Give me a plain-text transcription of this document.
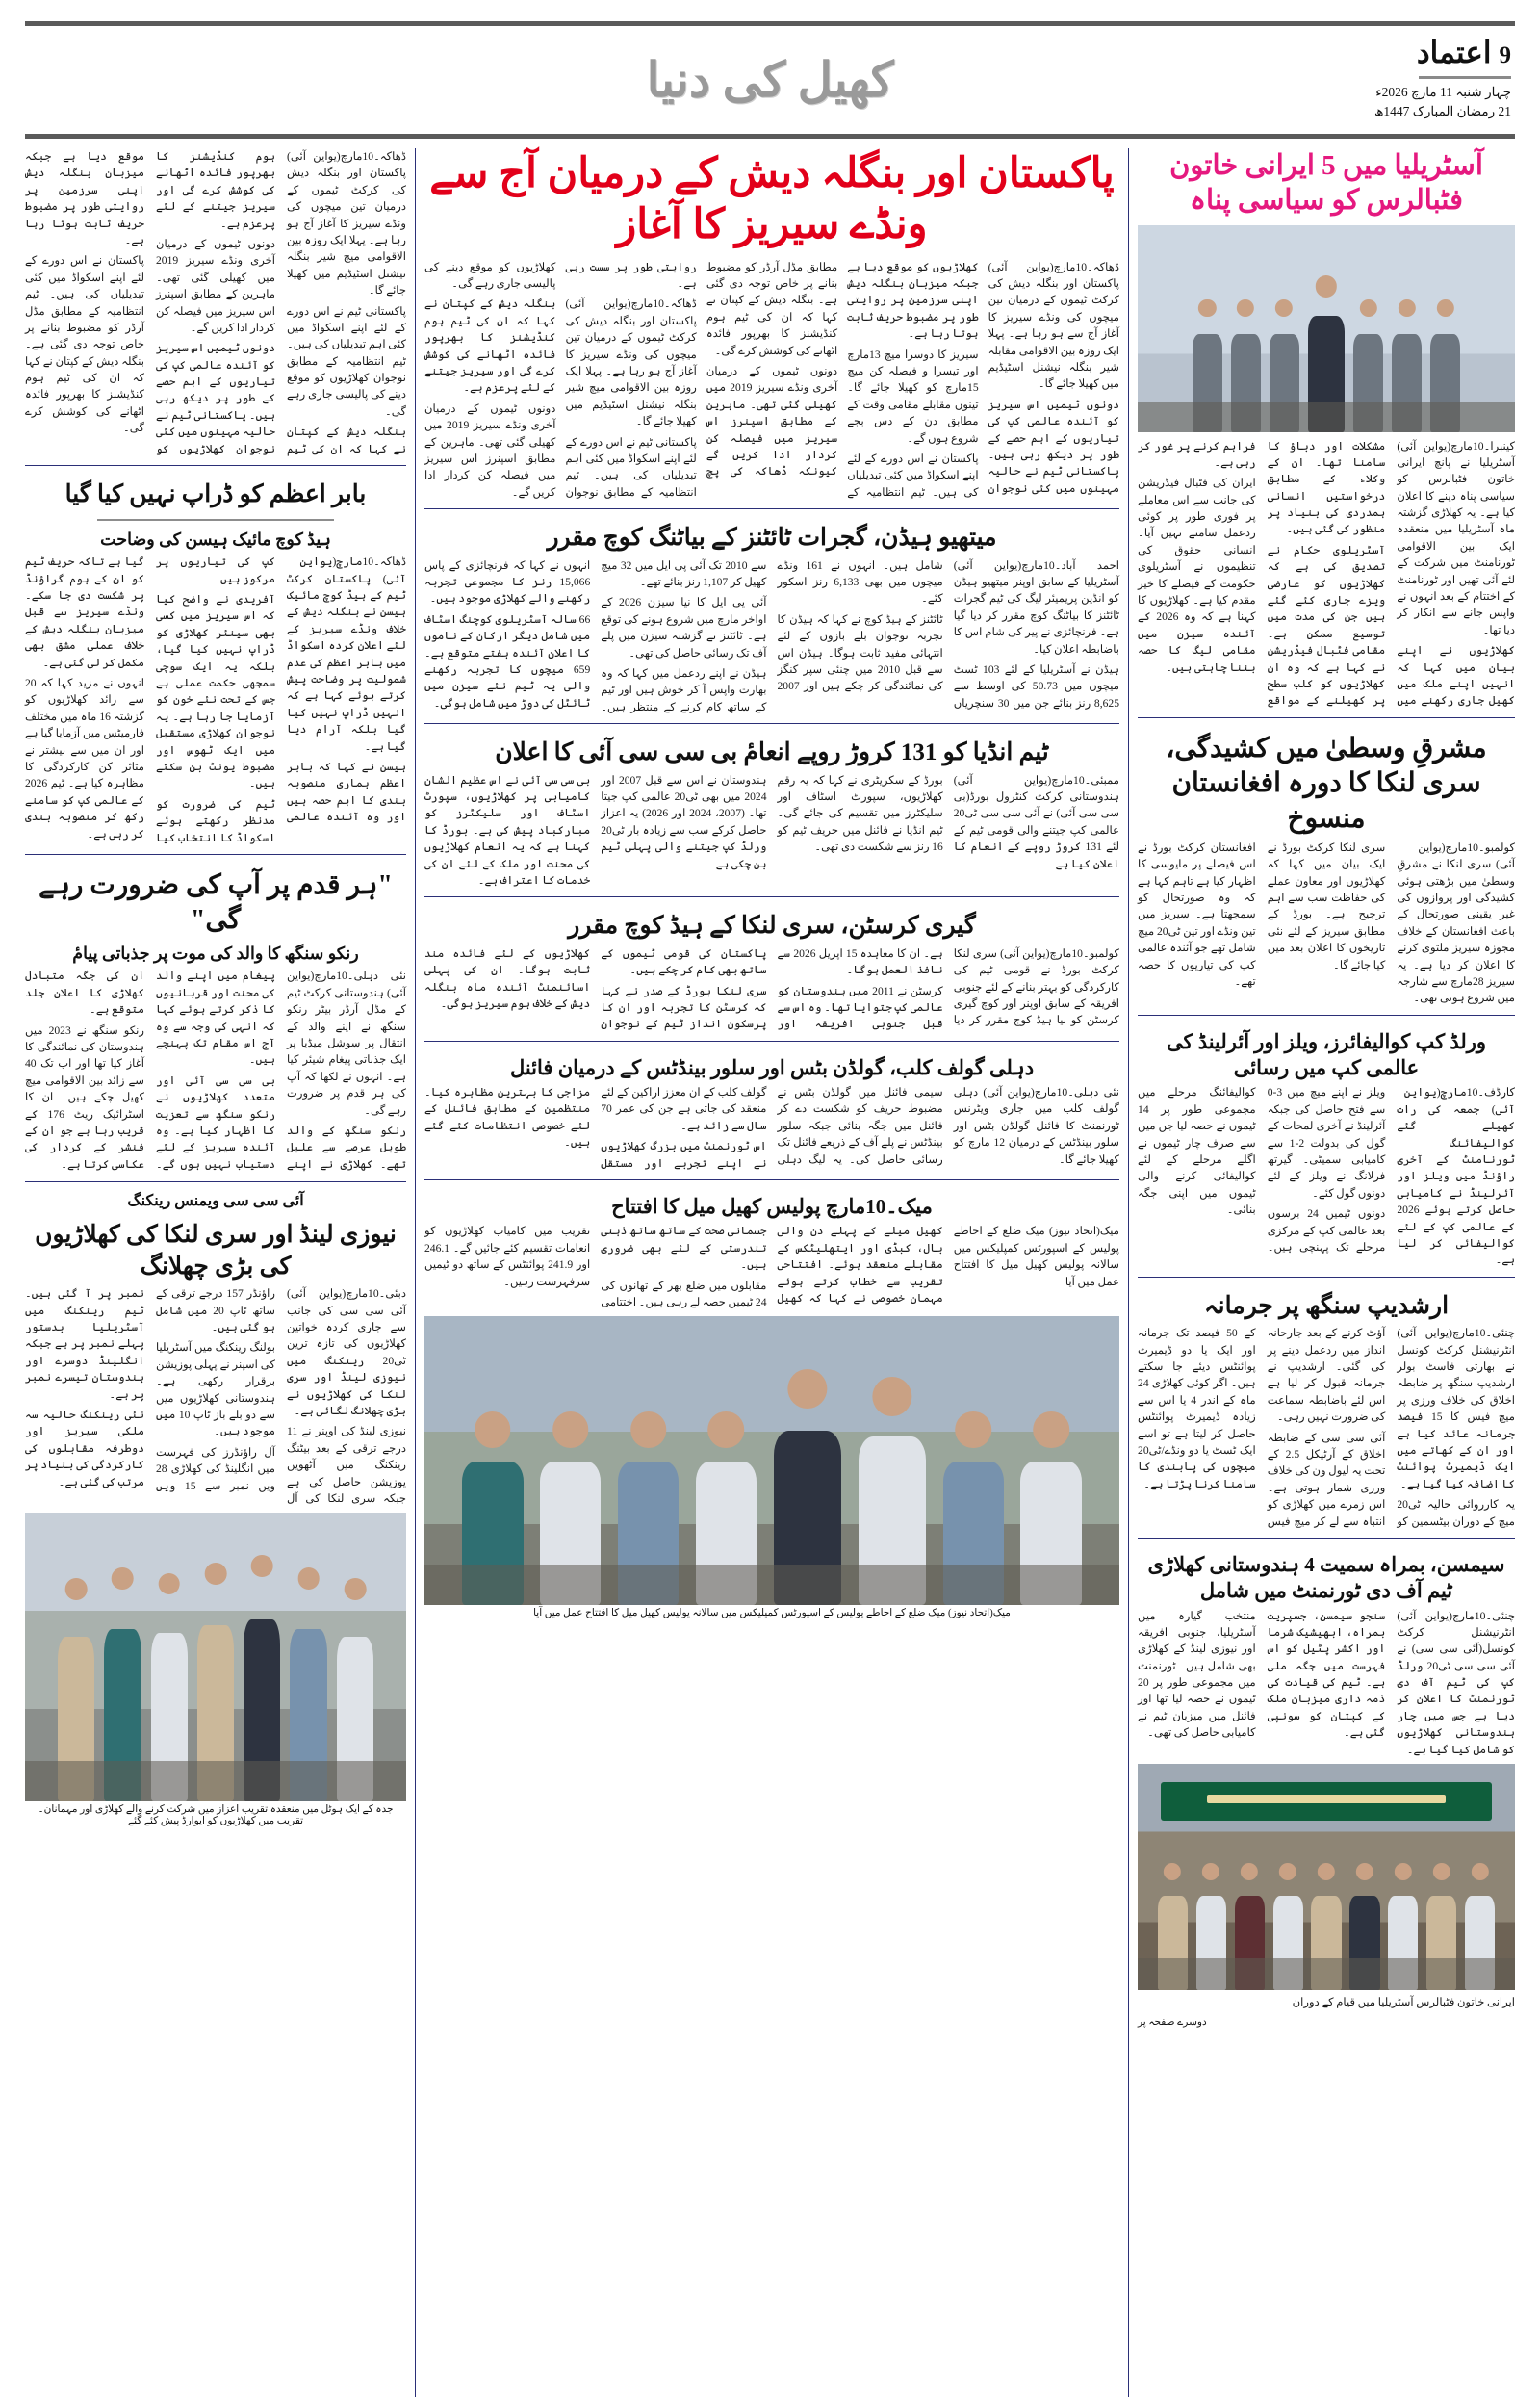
9اعتماد
چہار شنبہ 11 مارچ 2026ء
21 رمضان المبارک 1447ھ
کھیل کی دنیا
آسٹریلیا میں 5 ایرانی خاتون فٹبالرس کو سیاسی پناہ

کینبرا۔10مارچ(یواین آئی) آسٹریلیا نے پانچ ایرانی خاتون فٹبالرس کو سیاسی پناہ دینے کا اعلان کیا ہے۔ یہ کھلاڑی گزشتہ ماہ آسٹریلیا میں منعقدہ ایک بین الاقوامی ٹورنامنٹ میں شرکت کے لئے آئی تھیں اور ٹورنامنٹ کے اختتام کے بعد انہوں نے واپس جانے سے انکار کر دیا تھا۔

کھلاڑیوں نے اپنے بیان میں کہا کہ انہیں اپنے ملک میں کھیل جاری رکھنے میں مشکلات اور دباؤ کا سامنا تھا۔ ان کے وکلاء کے مطابق درخواستیں انسانی ہمدردی کی بنیاد پر منظور کی گئی ہیں۔

آسٹریلوی حکام نے تصدیق کی ہے کہ کھلاڑیوں کو عارضی ویزے جاری کئے گئے ہیں جن کی مدت میں توسیع ممکن ہے۔ مقامی فٹبال فیڈریشن نے کہا ہے کہ وہ ان کھلاڑیوں کو کلب سطح پر کھیلنے کے مواقع فراہم کرنے پر غور کر رہی ہے۔

ایران کی فٹبال فیڈریشن کی جانب سے اس معاملے پر فوری طور پر کوئی ردعمل سامنے نہیں آیا۔ انسانی حقوق کی تنظیموں نے آسٹریلوی حکومت کے فیصلے کا خیر مقدم کیا ہے۔ کھلاڑیوں کا کہنا ہے کہ وہ 2026 کے آئندہ سیزن میں مقامی لیگ کا حصہ بننا چاہتی ہیں۔

مشرقِ وسطیٰ میں کشیدگی، سری لنکا کا دورہ افغانستان منسوخ

کولمبو۔10مارچ(یواین آئی) سری لنکا نے مشرقِ وسطیٰ میں بڑھتی ہوئی کشیدگی اور پروازوں کی غیر یقینی صورتحال کے باعث افغانستان کے خلاف مجوزہ سیریز ملتوی کرنے کا اعلان کر دیا ہے۔ یہ سیریز 28مارچ سے شارجہ میں شروع ہونی تھی۔

سری لنکا کرکٹ بورڈ نے ایک بیان میں کہا کہ کھلاڑیوں اور معاون عملے کی حفاظت سب سے اہم ترجیح ہے۔ بورڈ کے مطابق سیریز کے لئے نئی تاریخوں کا اعلان بعد میں کیا جائے گا۔

افغانستان کرکٹ بورڈ نے اس فیصلے پر مایوسی کا اظہار کیا ہے تاہم کہا ہے کہ وہ صورتحال کو سمجھتا ہے۔ سیریز میں تین ونڈے اور تین ٹی20 میچ شامل تھے جو آئندہ عالمی کپ کی تیاریوں کا حصہ تھے۔

ورلڈ کپ کوالیفائرز، ویلز اور آئرلینڈ کی عالمی کپ میں رسائی

کارڈف۔10مارچ(یواین آئی) جمعہ کی رات کھیلے گئے کوالیفائنگ ٹورنامنٹ کے آخری راؤنڈ میں ویلز اور آئرلینڈ نے کامیابی حاصل کرتے ہوئے 2026 کے عالمی کپ کے لئے کوالیفائی کر لیا ہے۔

ویلز نے اپنے میچ میں 3-0 سے فتح حاصل کی جبکہ آئرلینڈ نے آخری لمحات کے گول کی بدولت 2-1 سے کامیابی سمیٹی۔ گیرتھ فرلانگ نے ویلز کے لئے دونوں گول کئے۔

دونوں ٹیمیں 24 برسوں بعد عالمی کپ کے مرکزی مرحلے تک پہنچی ہیں۔ کوالیفائنگ مرحلے میں مجموعی طور پر 14 ٹیموں نے حصہ لیا جن میں سے صرف چار ٹیموں نے اگلے مرحلے کے لئے کوالیفائی کرنے والی ٹیموں میں اپنی جگہ بنائی۔

ارشدیپ سنگھ پر جرمانہ

چنئی۔10مارچ(یواین آئی) انٹرنیشنل کرکٹ کونسل نے بھارتی فاسٹ بولر ارشدیپ سنگھ پر ضابطہ اخلاق کی خلاف ورزی پر میچ فیس کا 15 فیصد جرمانہ عائد کیا ہے اور ان کے کھاتے میں ایک ڈیمیرٹ پوائنٹ کا اضافہ کیا گیا ہے۔

یہ کارروائی حالیہ ٹی20 میچ کے دوران بیٹسمین کو آؤٹ کرنے کے بعد جارحانہ انداز میں ردعمل دینے پر کی گئی۔ ارشدیپ نے جرمانہ قبول کر لیا ہے اس لئے باضابطہ سماعت کی ضرورت نہیں رہی۔

آئی سی سی کے ضابطہ اخلاق کے آرٹیکل 2.5 کے تحت یہ لیول ون کی خلاف ورزی شمار ہوتی ہے۔ اس زمرے میں کھلاڑی کو انتباہ سے لے کر میچ فیس کے 50 فیصد تک جرمانہ اور ایک یا دو ڈیمیرٹ پوائنٹس دیئے جا سکتے ہیں۔ اگر کوئی کھلاڑی 24 ماہ کے اندر 4 یا اس سے زیادہ ڈیمیرٹ پوائنٹس حاصل کر لیتا ہے تو اسے ایک ٹسٹ یا دو ونڈے/ٹی20 میچوں کی پابندی کا سامنا کرنا پڑتا ہے۔

سیمسن، بمراہ سمیت 4 ہندوستانی کھلاڑی ٹیم آف دی ٹورنمنٹ میں شامل

چنئی۔10مارچ(یواین آئی) انٹرنیشنل کرکٹ کونسل(آئی سی سی) نے آئی سی سی ٹی20 ورلڈ کپ کی ٹیم آف دی ٹورنمنٹ کا اعلان کر دیا ہے جس میں چار ہندوستانی کھلاڑیوں کو شامل کیا گیا ہے۔

سنجو سیمسن، جسپریت بمراہ، ابھیشیک شرما اور اکشر پٹیل کو اس فہرست میں جگہ ملی ہے۔ ٹیم کی قیادت کی ذمہ داری میزبان ملک کے کپتان کو سونپی گئی ہے۔

منتخب گیارہ میں آسٹریلیا، جنوبی افریقہ اور نیوزی لینڈ کے کھلاڑی بھی شامل ہیں۔ ٹورنمنٹ میں مجموعی طور پر 20 ٹیموں نے حصہ لیا تھا اور فائنل میں میزبان ٹیم نے کامیابی حاصل کی تھی۔

ایرانی خاتون فٹبالرس آسٹریلیا میں قیام کے دوران

دوسرے صفحہ پر
پاکستان اور بنگلہ دیش کے درمیان آج سے ونڈے سیریز کا آغاز

ڈھاکہ۔10مارچ(یواین آئی) پاکستان اور بنگلہ دیش کی کرکٹ ٹیموں کے درمیان تین میچوں کی ونڈے سیریز کا آغاز آج سے ہو رہا ہے۔ پہلا ایک روزہ بین الاقوامی مقابلہ شیر بنگلہ نیشنل اسٹیڈیم میں کھیلا جائے گا۔

دونوں ٹیمیں اس سیریز کو آئندہ عالمی کپ کی تیاریوں کے اہم حصے کے طور پر دیکھ رہی ہیں۔ پاکستانی ٹیم نے حالیہ مہینوں میں کئی نوجوان کھلاڑیوں کو موقع دیا ہے جبکہ میزبان بنگلہ دیش اپنی سرزمین پر روایتی طور پر مضبوط حریف ثابت ہوتا رہا ہے۔

سیریز کا دوسرا میچ 13مارچ اور تیسرا و فیصلہ کن میچ 15مارچ کو کھیلا جائے گا۔ تینوں مقابلے مقامی وقت کے مطابق دن کے دس بجے شروع ہوں گے۔

پاکستان نے اس دورے کے لئے اپنے اسکواڈ میں کئی تبدیلیاں کی ہیں۔ ٹیم انتظامیہ کے مطابق مڈل آرڈر کو مضبوط بنانے پر خاص توجہ دی گئی ہے۔ بنگلہ دیش کے کپتان نے کہا کہ ان کی ٹیم ہوم کنڈیشنز کا بھرپور فائدہ اٹھانے کی کوشش کرے گی۔

دونوں ٹیموں کے درمیان آخری ونڈے سیریز 2019 میں کھیلی گئی تھی۔ ماہرین کے مطابق اسپنرز اس سیریز میں فیصلہ کن کردار ادا کریں گے کیونکہ ڈھاکہ کی پچ روایتی طور پر سست رہی ہے۔

ڈھاکہ۔10مارچ(یواین آئی) پاکستان اور بنگلہ دیش کی کرکٹ ٹیموں کے درمیان تین میچوں کی ونڈے سیریز کا آغاز آج ہو رہا ہے۔ پہلا ایک روزہ بین الاقوامی میچ شیر بنگلہ نیشنل اسٹیڈیم میں کھیلا جائے گا۔

پاکستانی ٹیم نے اس دورے کے لئے اپنے اسکواڈ میں کئی اہم تبدیلیاں کی ہیں۔ ٹیم انتظامیہ کے مطابق نوجوان کھلاڑیوں کو موقع دینے کی پالیسی جاری رہے گی۔

بنگلہ دیش کے کپتان نے کہا کہ ان کی ٹیم ہوم کنڈیشنز کا بھرپور فائدہ اٹھانے کی کوشش کرے گی اور سیریز جیتنے کے لئے پرعزم ہے۔

دونوں ٹیموں کے درمیان آخری ونڈے سیریز 2019 میں کھیلی گئی تھی۔ ماہرین کے مطابق اسپنرز اس سیریز میں فیصلہ کن کردار ادا کریں گے۔

میتھیو ہیڈن، گجرات ٹائٹنز کے بیاٹنگ کوچ مقرر

احمد آباد۔10مارچ(یواین آئی) آسٹریلیا کے سابق اوپنر میتھیو ہیڈن کو انڈین پریمیئر لیگ کی ٹیم گجرات ٹائٹنز کا بیاٹنگ کوچ مقرر کر دیا گیا ہے۔ فرنچائزی نے پیر کی شام اس کا باضابطہ اعلان کیا۔

ہیڈن نے آسٹریلیا کے لئے 103 ٹسٹ میچوں میں 50.73 کی اوسط سے 8,625 رنز بنائے جن میں 30 سنچریاں شامل ہیں۔ انہوں نے 161 ونڈے میچوں میں بھی 6,133 رنز اسکور کئے۔

ٹائٹنز کے ہیڈ کوچ نے کہا کہ ہیڈن کا تجربہ نوجوان بلے بازوں کے لئے انتہائی مفید ثابت ہوگا۔ ہیڈن اس سے قبل 2010 میں چنئی سپر کنگز کی نمائندگی کر چکے ہیں اور 2007 سے 2010 تک آئی پی ایل میں 32 میچ کھیل کر 1,107 رنز بنائے تھے۔

آئی پی ایل کا نیا سیزن 2026 کے اواخر مارچ میں شروع ہونے کی توقع ہے۔ ٹائٹنز نے گزشتہ سیزن میں پلے آف تک رسائی حاصل کی تھی۔

ہیڈن نے اپنے ردعمل میں کہا کہ وہ بھارت واپس آ کر خوش ہیں اور ٹیم کے ساتھ کام کرنے کے منتظر ہیں۔ انہوں نے کہا کہ فرنچائزی کے پاس 15,066 رنز کا مجموعی تجربہ رکھنے والے کھلاڑی موجود ہیں۔

66 سالہ آسٹریلوی کوچنگ اسٹاف میں شامل دیگر ارکان کے ناموں کا اعلان آئندہ ہفتے متوقع ہے۔ 659 میچوں کا تجربہ رکھنے والی یہ ٹیم نئے سیزن میں ٹائٹل کی دوڑ میں شامل ہوگی۔

ٹیم انڈیا کو 131 کروڑ روپے انعامٔ بی سی سی آئی کا اعلان

ممبئی۔10مارچ(یواین آئی) ہندوستانی کرکٹ کنٹرول بورڈ(بی سی سی آئی) نے آئی سی سی ٹی20 عالمی کپ جیتنے والی قومی ٹیم کے لئے 131 کروڑ روپے کے انعام کا اعلان کیا ہے۔

بورڈ کے سکریٹری نے کہا کہ یہ رقم کھلاڑیوں، سپورٹ اسٹاف اور سلیکٹرز میں تقسیم کی جائے گی۔ ٹیم انڈیا نے فائنل میں حریف ٹیم کو 16 رنز سے شکست دی تھی۔

ہندوستان نے اس سے قبل 2007 اور 2024 میں بھی ٹی20 عالمی کپ جیتا تھا۔ (2007، 2024 اور 2026) یہ اعزاز حاصل کرکے سب سے زیادہ بار ٹی20 ورلڈ کپ جیتنے والی پہلی ٹیم بن چکی ہے۔

بی سی سی آئی نے اس عظیم الشان کامیابی پر کھلاڑیوں، سپورٹ اسٹاف اور سلیکٹرز کو مبارکباد پیش کی ہے۔ بورڈ کا کہنا ہے کہ یہ انعام کھلاڑیوں کی محنت اور ملک کے لئے ان کی خدمات کا اعتراف ہے۔

گیری کرسٹن، سری لنکا کے ہیڈ کوچ مقرر

کولمبو۔10مارچ(یواین آئی) سری لنکا کرکٹ بورڈ نے قومی ٹیم کی کارکردگی کو بہتر بنانے کے لئے جنوبی افریقہ کے سابق اوپنر اور کوچ گیری کرسٹن کو نیا ہیڈ کوچ مقرر کر دیا ہے۔ ان کا معاہدہ 15 اپریل 2026 سے نافذ العمل ہوگا۔

کرسٹن نے 2011 میں ہندوستان کو عالمی کپ جتوایا تھا۔ وہ اس سے قبل جنوبی افریقہ اور پاکستان کی قومی ٹیموں کے ساتھ بھی کام کر چکے ہیں۔

سری لنکا بورڈ کے صدر نے کہا کہ کرسٹن کا تجربہ اور ان کا پرسکون انداز ٹیم کے نوجوان کھلاڑیوں کے لئے فائدہ مند ثابت ہوگا۔ ان کی پہلی اسائنمنٹ آئندہ ماہ بنگلہ دیش کے خلاف ہوم سیریز ہوگی۔

دہلی گولف کلب، گولڈن بٹس اور سلور بینڈٹس کے درمیان فائنل

نئی دہلی۔10مارچ(یواین آئی) دہلی گولف کلب میں جاری ویٹرنس ٹورنمنٹ کا فائنل گولڈن بٹس اور سلور بینڈٹس کے درمیان 12 مارچ کو کھیلا جائے گا۔

سیمی فائنل میں گولڈن بٹس نے مضبوط حریف کو شکست دے کر فائنل میں جگہ بنائی جبکہ سلور بینڈٹس نے پلے آف کے ذریعے فائنل تک رسائی حاصل کی۔ یہ لیگ دہلی گولف کلب کے ان معزز اراکین کے لئے منعقد کی جاتی ہے جن کی عمر 70 سال سے زائد ہے۔

اس ٹورنمنٹ میں بزرگ کھلاڑیوں نے اپنے تجربے اور مستقل مزاجی کا بہترین مظاہرہ کیا۔ منتظمین کے مطابق فائنل کے لئے خصوصی انتظامات کئے گئے ہیں۔

میک۔10مارچ پولیس کھیل میل کا افتتاح

میک(اتحاد نیوز) میک ضلع کے احاطے پولیس کے اسپورٹس کمپلیکس میں سالانہ پولیس کھیل میل کا افتتاح عمل میں آیا

کھیل میلے کے پہلے دن والی بال، کبڈی اور ایتھلیٹکس کے مقابلے منعقد ہوئے۔ افتتاحی تقریب سے خطاب کرتے ہوئے مہمان خصوصی نے کہا کہ کھیل جسمانی صحت کے ساتھ ساتھ ذہنی تندرستی کے لئے بھی ضروری ہیں۔

مقابلوں میں ضلع بھر کے تھانوں کی 24 ٹیمیں حصہ لے رہی ہیں۔ اختتامی تقریب میں کامیاب کھلاڑیوں کو انعامات تقسیم کئے جائیں گے۔ 246.1 اور 241.9 پوائنٹس کے ساتھ دو ٹیمیں سرفہرست رہیں۔

میک(اتحاد نیوز) میک ضلع کے احاطے پولیس کے اسپورٹس کمپلیکس میں سالانہ پولیس کھیل میل کا افتتاح عمل میں آیا

ڈھاکہ۔10مارچ(یواین آئی) پاکستان اور بنگلہ دیش کی کرکٹ ٹیموں کے درمیان تین میچوں کی ونڈے سیریز کا آغاز آج ہو رہا ہے۔ پہلا ایک روزہ بین الاقوامی میچ شیر بنگلہ نیشنل اسٹیڈیم میں کھیلا جائے گا۔

پاکستانی ٹیم نے اس دورے کے لئے اپنے اسکواڈ میں کئی اہم تبدیلیاں کی ہیں۔ ٹیم انتظامیہ کے مطابق نوجوان کھلاڑیوں کو موقع دینے کی پالیسی جاری رہے گی۔

بنگلہ دیش کے کپتان نے کہا کہ ان کی ٹیم ہوم کنڈیشنز کا بھرپور فائدہ اٹھانے کی کوشش کرے گی اور سیریز جیتنے کے لئے پرعزم ہے۔

دونوں ٹیموں کے درمیان آخری ونڈے سیریز 2019 میں کھیلی گئی تھی۔ ماہرین کے مطابق اسپنرز اس سیریز میں فیصلہ کن کردار ادا کریں گے۔

دونوں ٹیمیں اس سیریز کو آئندہ عالمی کپ کی تیاریوں کے اہم حصے کے طور پر دیکھ رہی ہیں۔ پاکستانی ٹیم نے حالیہ مہینوں میں کئی نوجوان کھلاڑیوں کو موقع دیا ہے جبکہ میزبان بنگلہ دیش اپنی سرزمین پر روایتی طور پر مضبوط حریف ثابت ہوتا رہا ہے۔

پاکستان نے اس دورے کے لئے اپنے اسکواڈ میں کئی تبدیلیاں کی ہیں۔ ٹیم انتظامیہ کے مطابق مڈل آرڈر کو مضبوط بنانے پر خاص توجہ دی گئی ہے۔ بنگلہ دیش کے کپتان نے کہا کہ ان کی ٹیم ہوم کنڈیشنز کا بھرپور فائدہ اٹھانے کی کوشش کرے گی۔

بابر اعظم کو ڈراپ نہیں کیا گیا
ہیڈ کوچ مائیک ہیسن کی وضاحت

ڈھاکہ۔10مارچ(یواین آئی) پاکستان کرکٹ ٹیم کے ہیڈ کوچ مائیک ہیسن نے بنگلہ دیش کے خلاف ونڈے سیریز کے لئے اعلان کردہ اسکواڈ میں بابر اعظم کی عدم شمولیت پر وضاحت پیش کرتے ہوئے کہا ہے کہ انہیں ڈراپ نہیں کیا گیا بلکہ آرام دیا گیا ہے۔

ہیسن نے کہا کہ بابر اعظم ہماری منصوبہ بندی کا اہم حصہ ہیں اور وہ آئندہ عالمی کپ کی تیاریوں پر مرکوز ہیں۔

آفریدی نے واضح کیا کہ اس سیریز میں کسی بھی سینئر کھلاڑی کو ڈراپ نہیں کیا گیا، بلکہ یہ ایک سوچی سمجھی حکمت عملی ہے جس کے تحت نئے خون کو آزمایا جا رہا ہے۔ یہ نوجوان کھلاڑی مستقبل میں ایک ٹھوس اور مضبوط یونٹ بن سکتے ہیں۔

ٹیم کی ضرورت کو مدنظر رکھتے ہوئے اسکواڈ کا انتخاب کیا گیا ہے تاکہ حریف ٹیم کو ان کے ہوم گراؤنڈ پر شکست دی جا سکے۔ ونڈے سیریز سے قبل میزبان بنگلہ دیش کے خلاف عملی مشق بھی مکمل کر لی گئی ہے۔

انہوں نے مزید کہا کہ 20 سے زائد کھلاڑیوں کو گزشتہ 16 ماہ میں مختلف فارمیٹس میں آزمایا گیا ہے اور ان میں سے بیشتر نے متاثر کن کارکردگی کا مظاہرہ کیا ہے۔ ٹیم 2026 کے عالمی کپ کو سامنے رکھ کر منصوبہ بندی کر رہی ہے۔

"ہر قدم پر آپ کی ضرورت رہے گی"
رنکو سنگھ کا والد کی موت پر جذباتی پیامٔ

نئی دہلی۔10مارچ(یواین آئی) ہندوستانی کرکٹ ٹیم کے مڈل آرڈر بیٹر رنکو سنگھ نے اپنے والد کے انتقال پر سوشل میڈیا پر ایک جذباتی پیغام شیئر کیا ہے۔ انہوں نے لکھا کہ آپ کی ہر قدم پر ضرورت رہے گی۔

رنکو سنگھ کے والد طویل عرصے سے علیل تھے۔ کھلاڑی نے اپنے پیغام میں اپنے والد کی محنت اور قربانیوں کا ذکر کرتے ہوئے کہا کہ انہی کی وجہ سے وہ آج اس مقام تک پہنچے ہیں۔

بی سی سی آئی اور متعدد کھلاڑیوں نے رنکو سنگھ سے تعزیت کا اظہار کیا ہے۔ وہ آئندہ سیریز کے لئے دستیاب نہیں ہوں گے۔ ان کی جگہ متبادل کھلاڑی کا اعلان جلد متوقع ہے۔

رنکو سنگھ نے 2023 میں ہندوستان کی نمائندگی کا آغاز کیا تھا اور اب تک 40 سے زائد بین الاقوامی میچ کھیل چکے ہیں۔ ان کا اسٹرائیک ریٹ 176 کے قریب رہا ہے جو ان کے فنشر کے کردار کی عکاسی کرتا ہے۔

آئی سی سی ویمنس رینکنگ
نیوزی لینڈ اور سری لنکا کی کھلاڑیوں کی بڑی چھلانگ

دبئی۔10مارچ(یواین آئی) آئی سی سی کی جانب سے جاری کردہ خواتین کھلاڑیوں کی تازہ ترین ٹی20 رینکنگ میں نیوزی لینڈ اور سری لنکا کی کھلاڑیوں نے بڑی چھلانگ لگائی ہے۔

نیوزی لینڈ کی اوپنر نے 11 درجے ترقی کے بعد بیٹنگ رینکنگ میں آٹھویں پوزیشن حاصل کی ہے جبکہ سری لنکا کی آل راؤنڈر 157 درجے ترقی کے ساتھ ٹاپ 20 میں شامل ہو گئی ہیں۔

بولنگ رینکنگ میں آسٹریلیا کی اسپنر نے پہلی پوزیشن برقرار رکھی ہے۔ ہندوستانی کھلاڑیوں میں سے دو بلے باز ٹاپ 10 میں موجود ہیں۔

آل راؤنڈرز کی فہرست میں انگلینڈ کی کھلاڑی 28 ویں نمبر سے 15 ویں نمبر پر آ گئی ہیں۔ ٹیم رینکنگ میں آسٹریلیا بدستور پہلے نمبر پر ہے جبکہ انگلینڈ دوسرے اور ہندوستان تیسرے نمبر پر ہے۔

نئی رینکنگ حالیہ سہ ملکی سیریز اور دوطرفہ مقابلوں کی کارکردگی کی بنیاد پر مرتب کی گئی ہے۔

جدہ کے ایک ہوٹل میں منعقدہ تقریب اعزاز میں شرکت کرنے والے کھلاڑی اور مہمانان۔ تقریب میں کھلاڑیوں کو ایوارڈ پیش کئے گئے
